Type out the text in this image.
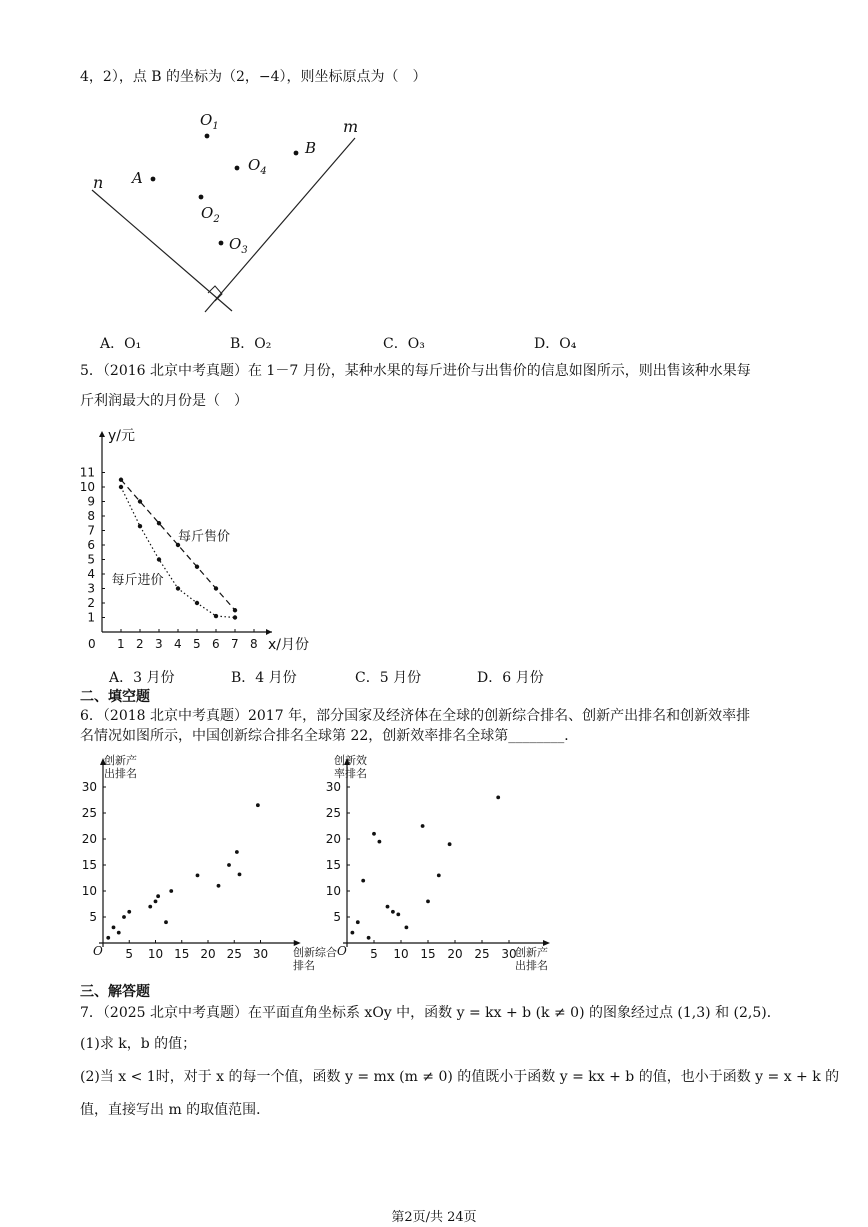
4，2），点 B 的坐标为（2，−4），则坐标原点为（　）
$O_1$
$O_4$
B
A
$O_2$
$O_3$
m
n
A．O₁	B．O₂	C．O₃	D．O₄
5．（2016 北京中考真题）在 1－7 月份，某种水果的每斤进价与出售价的信息如图所示，则出售该种水果每
斤利润最大的月份是（　）
0 1 2 3 4 5 6 7 8
1
2
3
4
5
6
7
8
9
10
11
y/元
x/月份
每斤售价
每斤进价
A．3 月份	B．4 月份	C．5 月份	D．6 月份
二、填空题
6．（2018 北京中考真题）2017 年，部分国家及经济体在全球的创新综合排名、创新产出排名和创新效率排
名情况如图所示，中国创新综合排名全球第 22，创新效率排名全球第________．
5 10 15 20 25 30
5
10
15
20
25
30
O
创新产
出排名
创新综合
排名
5 10 15 20 25 30
5
10
15
20
25
30
O
创新效
率排名
创新产
出排名
三、解答题
7．（2025 北京中考真题）在平面直角坐标系 xOy 中，函数 y = kx + b (k ≠ 0) 的图象经过点 (1,3) 和 (2,5)．
(1)求 k，b 的值；
(2)当 x < 1时，对于 x 的每一个值，函数 y = mx (m ≠ 0) 的值既小于函数 y = kx + b 的值，也小于函数 y = x + k 的
值，直接写出 m 的取值范围．
第2页/共 24页
